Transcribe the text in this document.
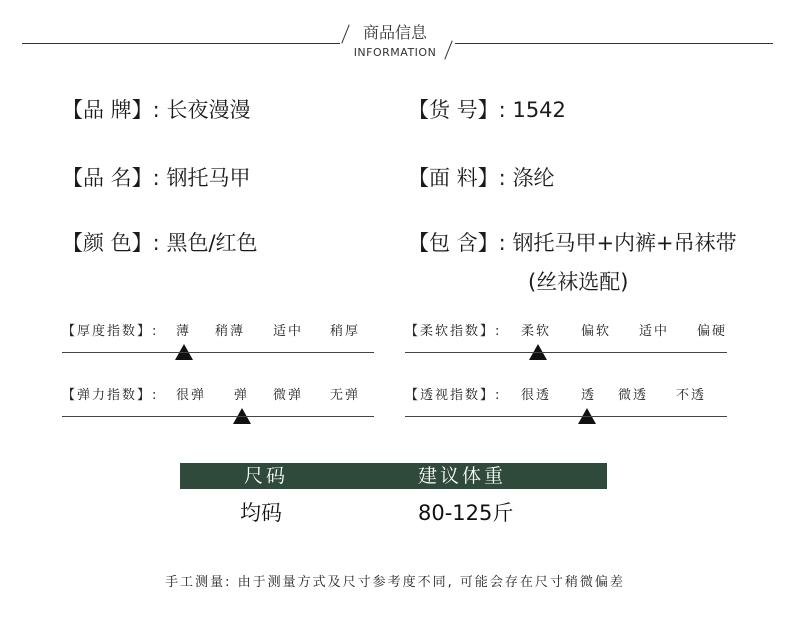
商品信息
INFORMATION
【品 牌】: 长夜漫漫	【货 号】: 1542
【品 名】: 钢托马甲	【面 料】: 涤纶
【颜 色】: 黑色/红色	【包 含】: 钢托马甲+内裤+吊袜带
(丝袜选配)
【厚度指数】: 薄 稍薄 适中 稍厚	【柔软指数】: 柔软 偏软 适中 偏硬
【弹力指数】: 很弹 弹 微弹 无弹	【透视指数】: 很透 透 微透 不透
尺码	建议体重
均码	80-125斤
手工测量: 由于测量方式及尺寸参考度不同, 可能会存在尺寸稍微偏差
